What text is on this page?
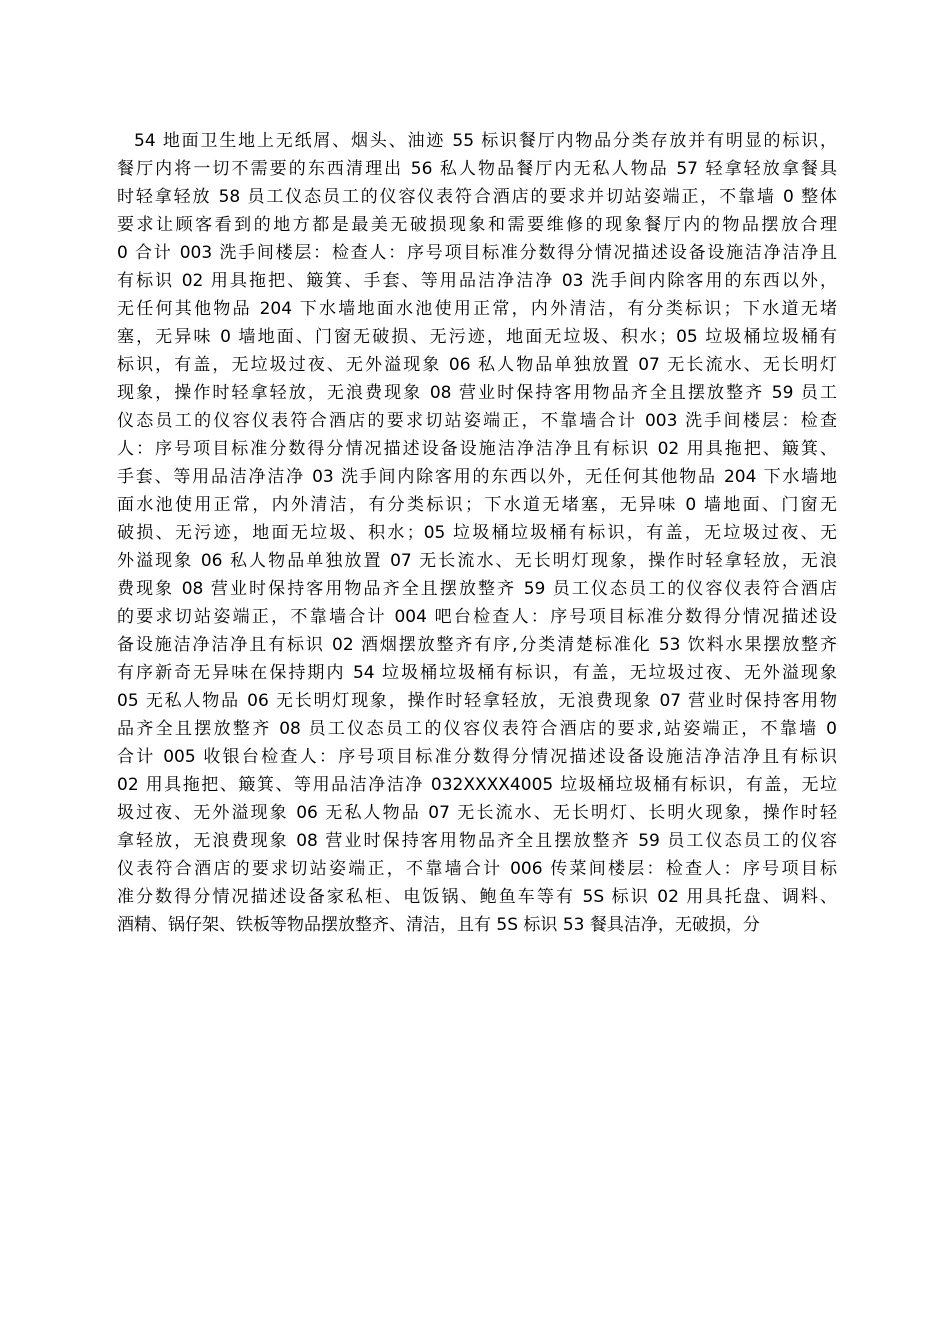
54 地面卫生地上无纸屑、烟头、油迹 55 标识餐厅内物品分类存放并有明显的标识，
餐厅内将一切不需要的东西清理出 56 私人物品餐厅内无私人物品 57 轻拿轻放拿餐具
时轻拿轻放 58 员工仪态员工的仪容仪表符合酒店的要求并切站姿端正，不靠墙 0 整体
要求让顾客看到的地方都是最美无破损现象和需要维修的现象餐厅内的物品摆放合理
0 合计 003 洗手间楼层：检查人：序号项目标准分数得分情况描述设备设施洁净洁净且
有标识 02 用具拖把、簸箕、手套、等用品洁净洁净 03 洗手间内除客用的东西以外，
无任何其他物品 204 下水墙地面水池使用正常，内外清洁，有分类标识；下水道无堵
塞，无异味 0 墙地面、门窗无破损、无污迹，地面无垃圾、积水；05 垃圾桶垃圾桶有
标识，有盖，无垃圾过夜、无外溢现象 06 私人物品单独放置 07 无长流水、无长明灯
现象，操作时轻拿轻放，无浪费现象 08 营业时保持客用物品齐全且摆放整齐 59 员工
仪态员工的仪容仪表符合酒店的要求切站姿端正，不靠墙合计 003 洗手间楼层：检查
人：序号项目标准分数得分情况描述设备设施洁净洁净且有标识 02 用具拖把、簸箕、
手套、等用品洁净洁净 03 洗手间内除客用的东西以外，无任何其他物品 204 下水墙地
面水池使用正常，内外清洁，有分类标识；下水道无堵塞，无异味 0 墙地面、门窗无
破损、无污迹，地面无垃圾、积水；05 垃圾桶垃圾桶有标识，有盖，无垃圾过夜、无
外溢现象 06 私人物品单独放置 07 无长流水、无长明灯现象，操作时轻拿轻放，无浪
费现象 08 营业时保持客用物品齐全且摆放整齐 59 员工仪态员工的仪容仪表符合酒店
的要求切站姿端正，不靠墙合计 004 吧台检查人：序号项目标准分数得分情况描述设
备设施洁净洁净且有标识 02 酒烟摆放整齐有序,分类清楚标准化 53 饮料水果摆放整齐
有序新奇无异味在保持期内 54 垃圾桶垃圾桶有标识，有盖，无垃圾过夜、无外溢现象
05 无私人物品 06 无长明灯现象，操作时轻拿轻放，无浪费现象 07 营业时保持客用物
品齐全且摆放整齐 08 员工仪态员工的仪容仪表符合酒店的要求,站姿端正，不靠墙 0
合计 005 收银台检查人：序号项目标准分数得分情况描述设备设施洁净洁净且有标识
02 用具拖把、簸箕、等用品洁净洁净 032XXXX4005 垃圾桶垃圾桶有标识，有盖，无垃
圾过夜、无外溢现象 06 无私人物品 07 无长流水、无长明灯、长明火现象，操作时轻
拿轻放，无浪费现象 08 营业时保持客用物品齐全且摆放整齐 59 员工仪态员工的仪容
仪表符合酒店的要求切站姿端正，不靠墙合计 006 传菜间楼层：检查人：序号项目标
准分数得分情况描述设备家私柜、电饭锅、鲍鱼车等有 5S 标识 02 用具托盘、调料、
酒精、锅仔架、铁板等物品摆放整齐、清洁，且有 5S 标识 53 餐具洁净，无破损，分
